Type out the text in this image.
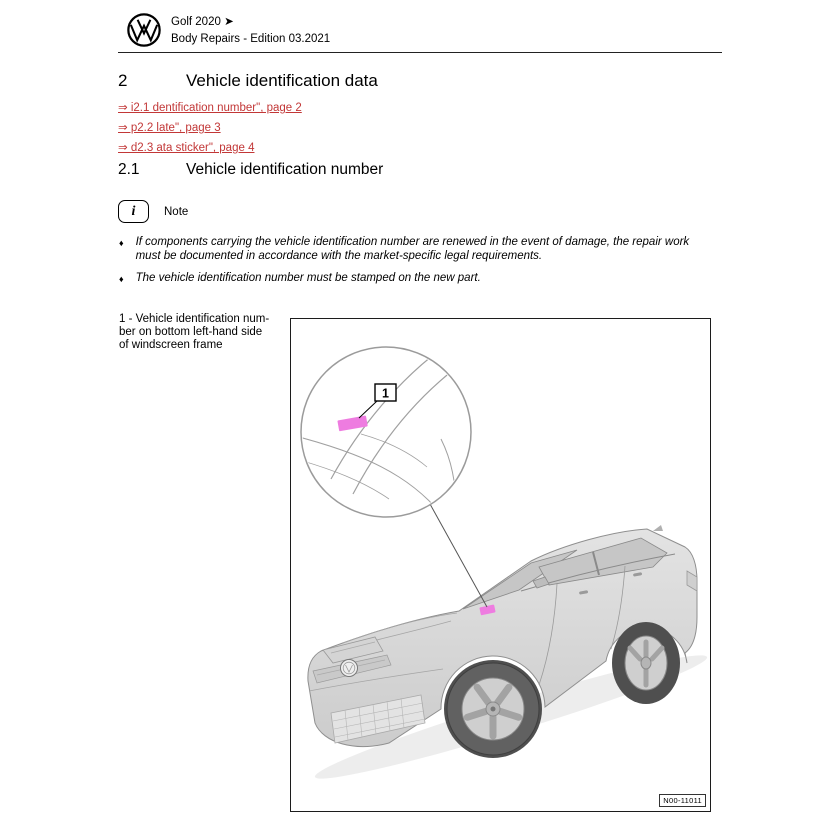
Golf 2020 ➤
Body Repairs - Edition 03.2021
2	Vehicle identification data
⇒ i2.1 dentification number", page 2
⇒ p2.2 late", page 3
⇒ d2.3 ata sticker", page 4
2.1	Vehicle identification number
i Note
♦ If components carrying the vehicle identification number are renewed in the event of damage, the repair work must be documented in accordance with the market-specific legal requirements.
♦ The vehicle identification number must be stamped on the new part.
1 - Vehicle identification num-
ber on bottom left-hand side
of windscreen frame
1
N00-11011
